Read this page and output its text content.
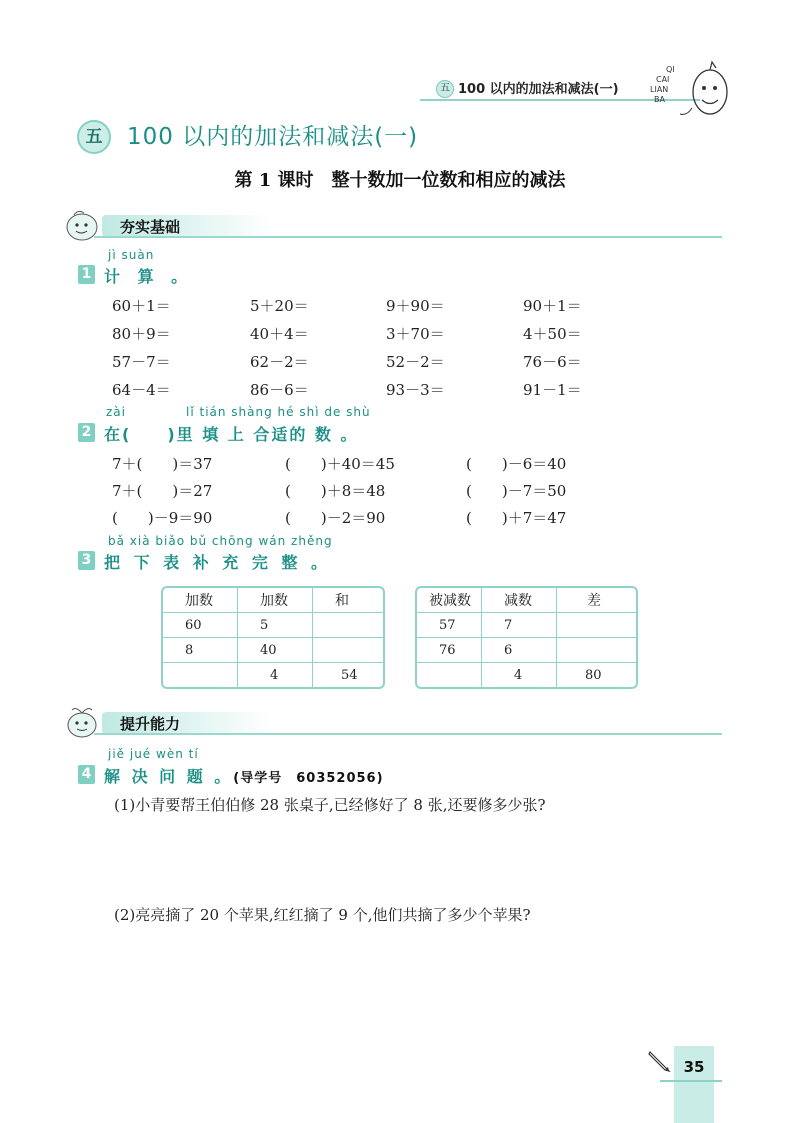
五 100 以内的加法和减法(一)
QI
CAI
LIAN
BA
五	100 以内的加法和减法(一)
第 1 课时　整十数加一位数和相应的减法
夯实基础
jì suàn
1 计 算 。
60＋1＝	5＋20＝	9＋90＝	90＋1＝
80＋9＝	40＋4＝	3＋70＝	4＋50＝
57－7＝	62－2＝	52－2＝	76－6＝
64－4＝	86－6＝	93－3＝	91－1＝
zài	lǐ tián shàng hé shì de shù
2 在(　　)里 填 上 合适的 数 。
7＋(　　)＝37	(　　)＋40＝45	(　　)－6＝40
7＋(　　)＝27	(　　)＋8＝48	(　　)－7＝50
(　　)－9＝90	(　　)－2＝90	(　　)＋7＝47
bǎ xià biǎo bǔ chōng wán zhěng
3 把 下 表 补 充 完 整 。
加数	加数	和
60	5	
8	40	
	4	54
被减数	减数	差
57	7	
76	6	
	4	80
提升能力
jiě jué wèn tí
4 解 决 问 题 。(导学号　60352056)
(1)小青要帮王伯伯修 28 张桌子,已经修好了 8 张,还要修多少张?
(2)亮亮摘了 20 个苹果,红红摘了 9 个,他们共摘了多少个苹果?
35
